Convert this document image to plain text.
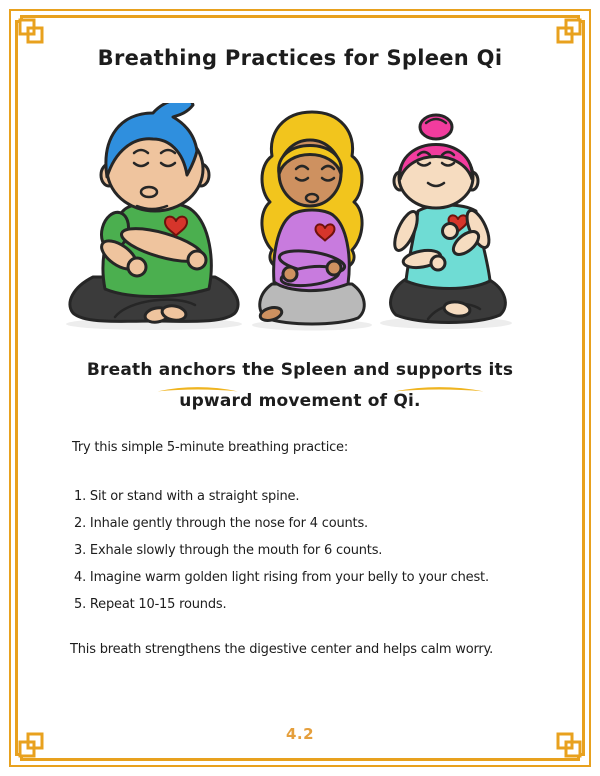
Breathing Practices for Spleen Qi
Breath anchors
the Spleen and supports
its
upward movement of Qi.
Try this simple 5-minute breathing practice:
1. Sit or stand with a straight spine.
2. Inhale gently through the nose for 4 counts.
3. Exhale slowly through the mouth for 6 counts.
4. Imagine warm golden light rising from your belly to your chest.
5. Repeat 10-15 rounds.
This breath strengthens the digestive center and helps calm worry.
4.2
